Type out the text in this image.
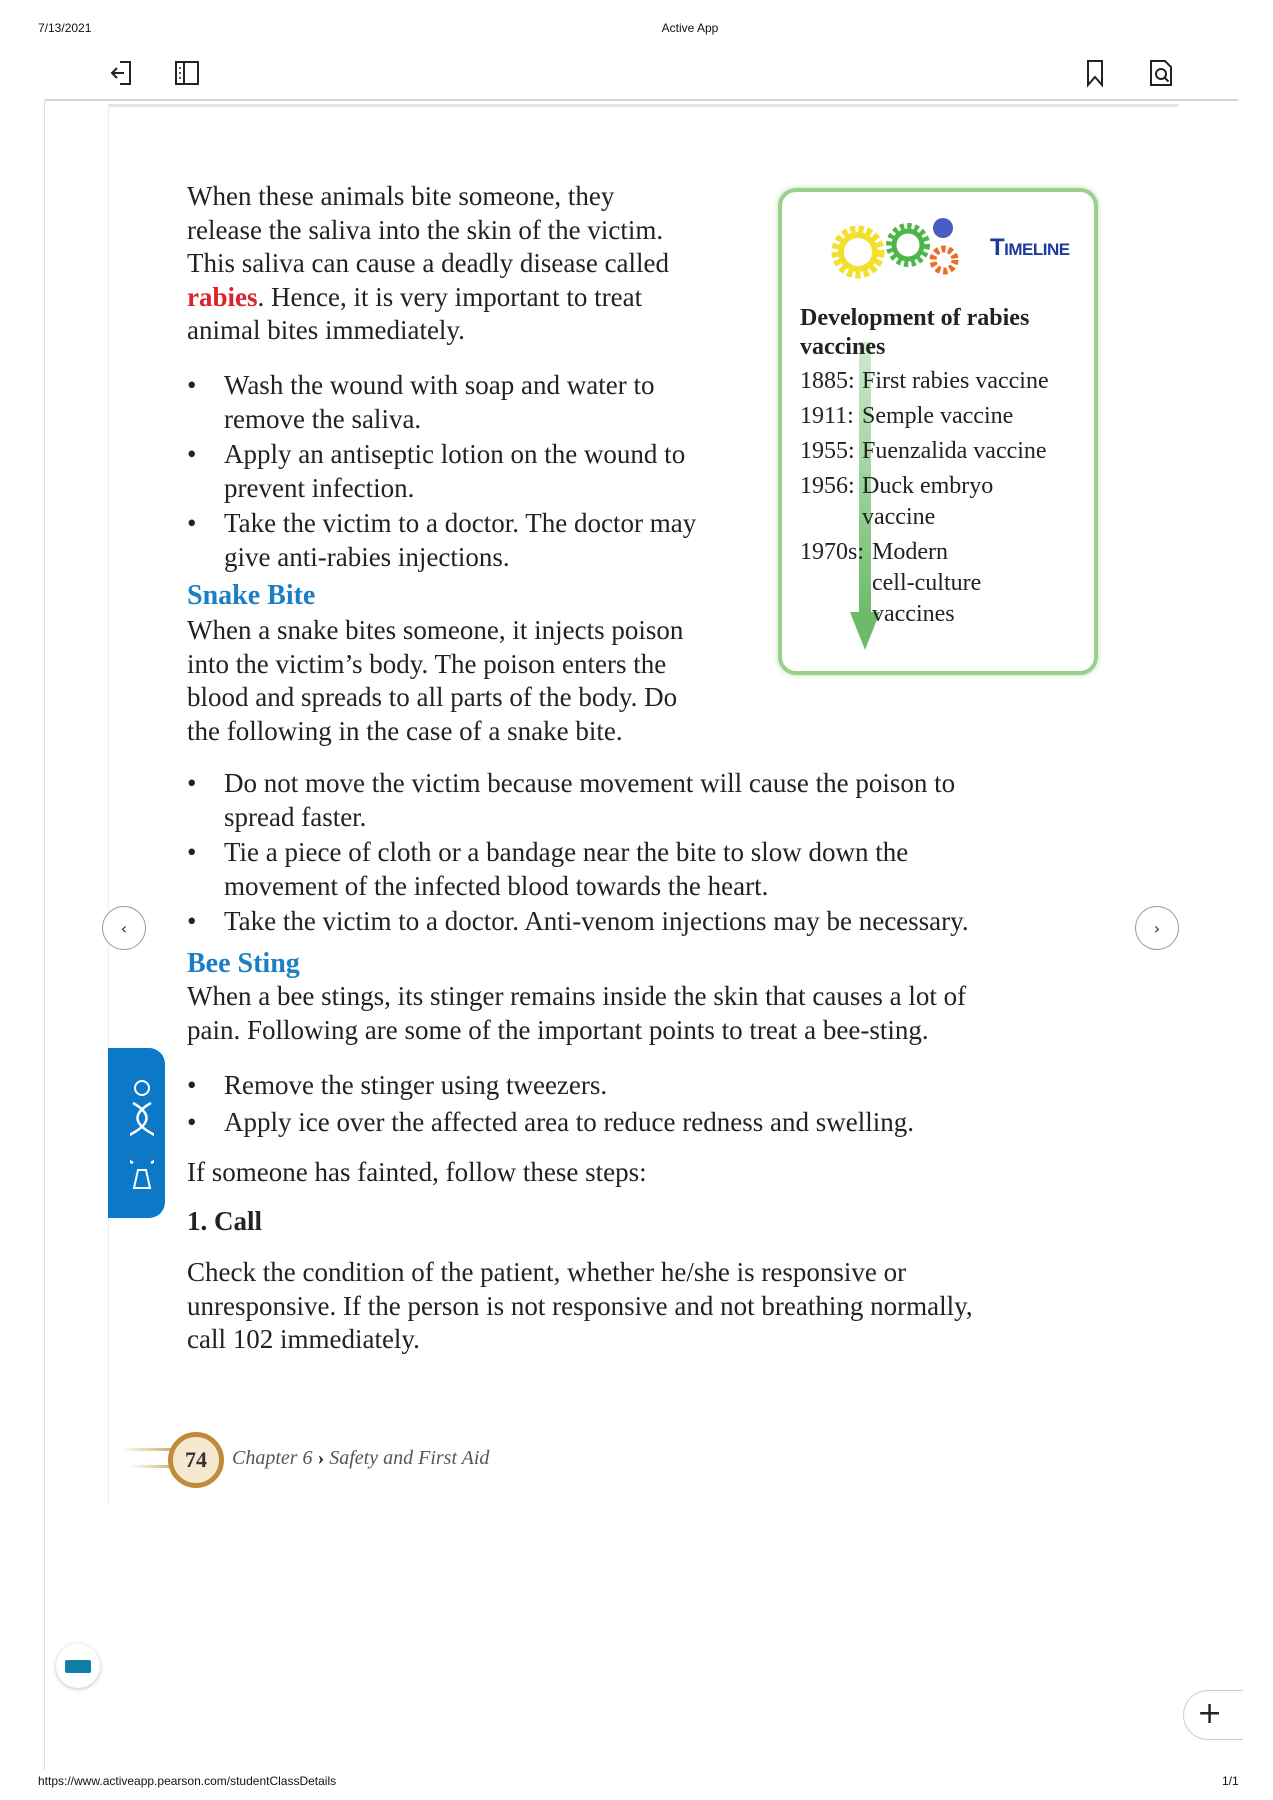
7/13/2021	Active App
When these animals bite someone, they
release the saliva into the skin of the victim.
This saliva can cause a deadly disease called
rabies. Hence, it is very important to treat
animal bites immediately.
• Wash the wound with soap and water to
remove the saliva.
• Apply an antiseptic lotion on the wound to
prevent infection.
• Take the victim to a doctor. The doctor may
give anti-rabies injections.
Snake Bite
When a snake bites someone, it injects poison
into the victim’s body. The poison enters the
blood and spreads to all parts of the body. Do
the following in the case of a snake bite.
• Do not move the victim because movement will cause the poison to
spread faster.
• Tie a piece of cloth or a bandage near the bite to slow down the
movement of the infected blood towards the heart.
• Take the victim to a doctor. Anti-venom injections may be necessary.
Bee Sting
When a bee stings, its stinger remains inside the skin that causes a lot of
pain. Following are some of the important points to treat a bee-sting.
• Remove the stinger using tweezers.
• Apply ice over the affected area to reduce redness and swelling.
If someone has fainted, follow these steps:
1. Call
Check the condition of the patient, whether he/she is responsive or
unresponsive. If the person is not responsive and not breathing normally,
call 102 immediately.
Timeline
Development of rabies
vaccines
1885: First rabies vaccine
1911: Semple vaccine
1955: Fuenzalida vaccine
1956: Duck embryo
vaccine
1970s: Modern
cell-culture
vaccines
‹	›
74	Chapter 6 › Safety and First Aid
+
https://www.activeapp.pearson.com/studentClassDetails	1/1
